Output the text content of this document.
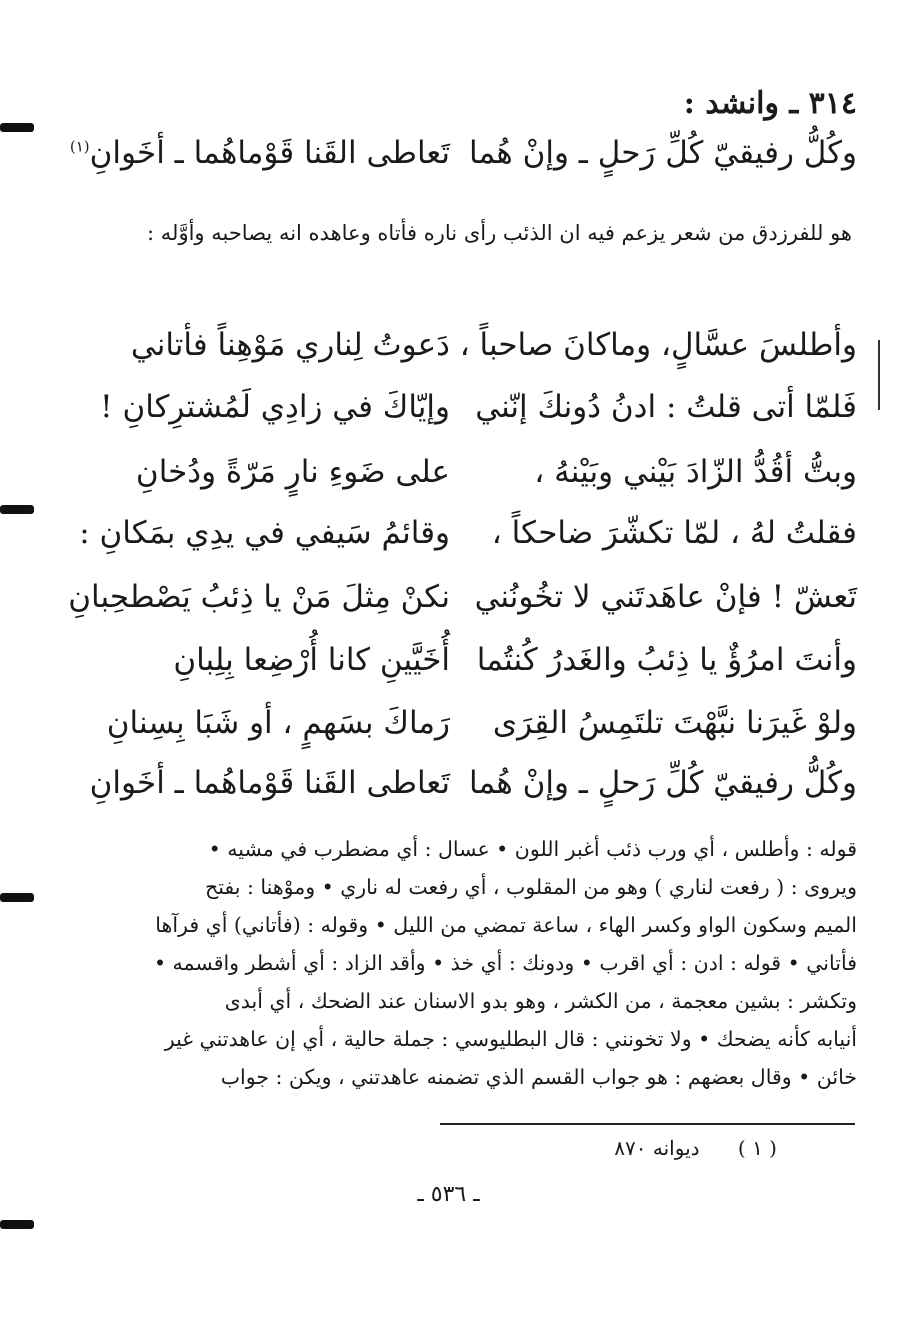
٣١٤ ـ وانشد :
وكُلُّ رفيقيّ كُلِّ رَحلٍ ـ وإنْ هُما
تَعاطى القَنا قَوْماهُما ـ أخَوانِ$^{(١)}$
هو للفرزدق من شعر يزعم فيه ان الذئب رأى ناره فأتاه وعاهده انه يصاحبه وأوَّله :
وأطلسَ عسَّالٍ، وماكانَ صاحباً ،
دَعوتُ لِناري مَوْهِناً فأتاني
فَلمّا أتى قلتُ : ادنُ دُونكَ إنّني
وإيّاكَ في زادِي لَمُشترِكانِ !
وبتُّ أقُدُّ الزّادَ بَيْني وبَيْنهُ ،
على ضَوءِ نارٍ مَرّةً ودُخانِ
فقلتُ لهُ ، لمّا تكشّرَ ضاحكاً ،
وقائمُ سَيفي في يدِي بمَكانِ :
تَعشّ ! فإنْ عاهَدتَني لا تخُونُني
نكنْ مِثلَ مَنْ يا ذِئبُ يَصْطحِبانِ
وأنتَ امرُؤٌ يا ذِئبُ والغَدرُ كُنتُما
أُخَيَّينِ كانا أُرْضِعا بِلِبانِ
ولوْ غَيرَنا نبَّهْتَ تلتَمِسُ القِرَى
رَماكَ بسَهمٍ ، أو شَبَا بِسِنانِ
وكُلُّ رفيقيّ كُلِّ رَحلٍ ـ وإنْ هُما
تَعاطى القَنا قَوْماهُما ـ أخَوانِ

قوله : وأطلس ، أي ورب ذئب أغبر اللون • عسال : أي مضطرب في مشيه •

ويروى : ( رفعت لناري ) وهو من المقلوب ، أي رفعت له ناري • وموْهنا : بفتح

الميم وسكون الواو وكسر الهاء ، ساعة تمضي من الليل • وقوله : (فأتاني) أي فرآها

فأتاني • قوله : ادن : أي اقرب • ودونك : أي خذ • وأقد الزاد : أي أشطر واقسمه •

وتكشر : بشين معجمة ، من الكشر ، وهو بدو الاسنان عند الضحك ، أي أبدى

أنيابه كأنه يضحك • ولا تخونني : قال البطليوسي : جملة حالية ، أي إن عاهدتني غير

خائن • وقال بعضهم : هو جواب القسم الذي تضمنه عاهدتني ، ويكن : جواب

( ١ ) ديوانه ٨٧٠
ـ ٥٣٦ ـ
